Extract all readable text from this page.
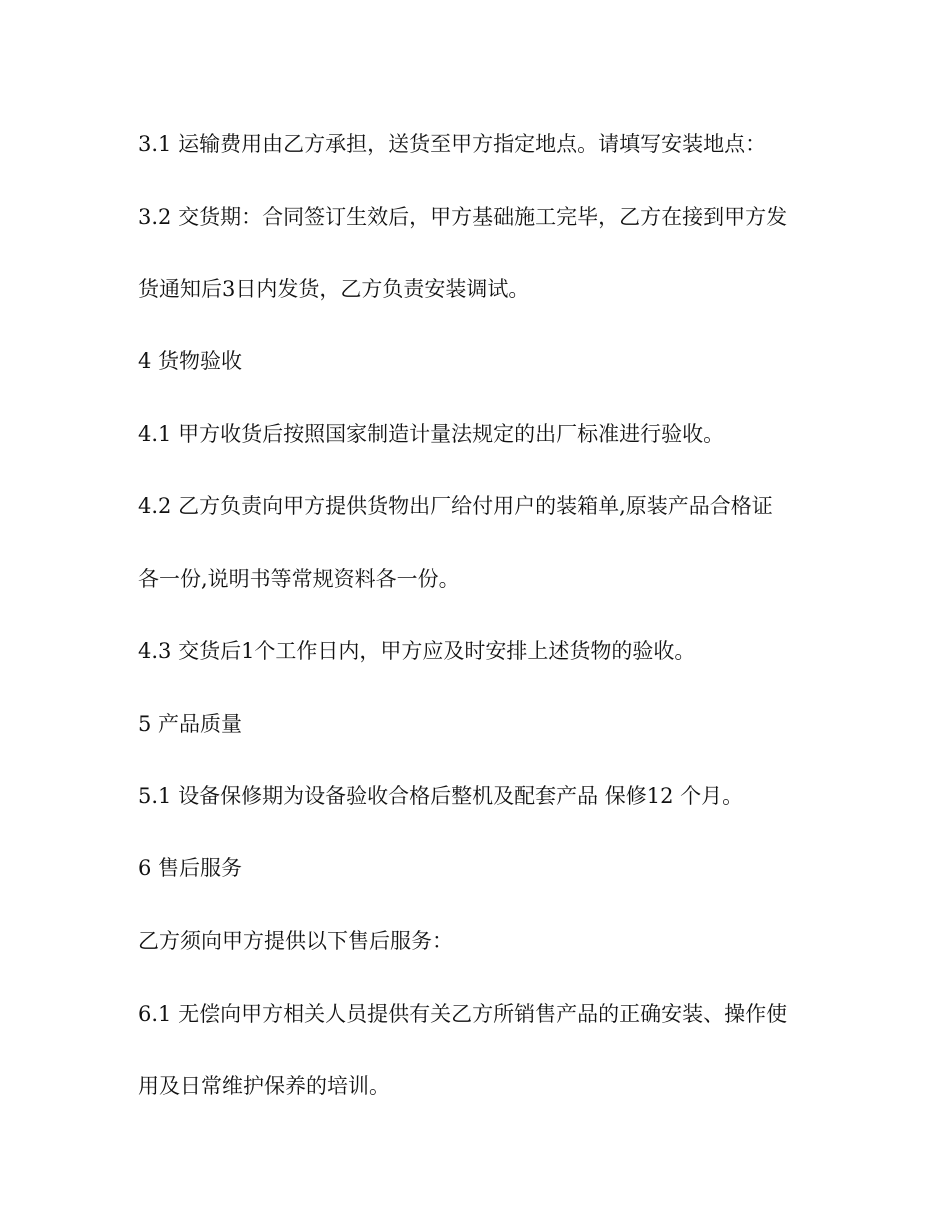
3.1 运输费用由乙方承担，送货至甲方指定地点。请填写安装地点：

3.2 交货期：合同签订生效后，甲方基础施工完毕，乙方在接到甲方发

货通知后3日内发货，乙方负责安装调试。

4 货物验收

4.1 甲方收货后按照国家制造计量法规定的出厂标准进行验收。

4.2 乙方负责向甲方提供货物出厂给付用户的装箱单,原装产品合格证

各一份,说明书等常规资料各一份。

4.3 交货后1个工作日内，甲方应及时安排上述货物的验收。

5 产品质量

5.1 设备保修期为设备验收合格后整机及配套产品 保修12 个月。

6 售后服务

乙方须向甲方提供以下售后服务：

6.1 无偿向甲方相关人员提供有关乙方所销售产品的正确安装、操作使

用及日常维护保养的培训。
